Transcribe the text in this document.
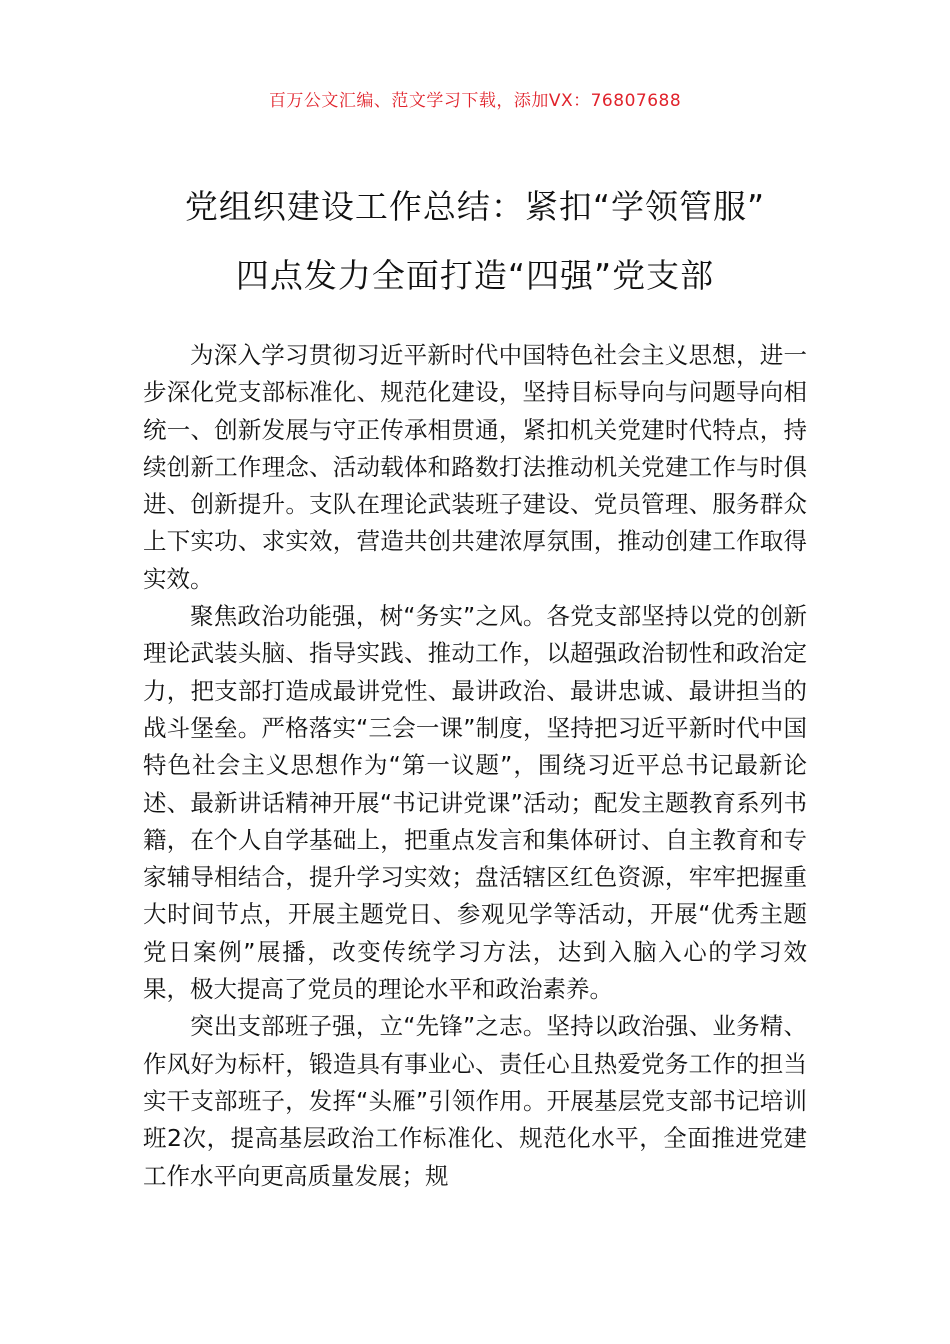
百万公文汇编、范文学习下载，添加VX：76807688
党组织建设工作总结：紧扣“学领管服”
四点发力全面打造“四强”党支部

为深入学习贯彻习近平新时代中国特色社会主义思想，进一步深化党支部标准化、规范化建设，坚持目标导向与问题导向相统一、创新发展与守正传承相贯通，紧扣机关党建时代特点，持续创新工作理念、活动载体和路数打法推动机关党建工作与时俱进、创新提升。支队在理论武装班子建设、党员管理、服务群众上下实功、求实效，营造共创共建浓厚氛围，推动创建工作取得实效。

聚焦政治功能强，树“务实”之风。各党支部坚持以党的创新理论武装头脑、指导实践、推动工作，以超强政治韧性和政治定力，把支部打造成最讲党性、最讲政治、最讲忠诚、最讲担当的战斗堡垒。严格落实“三会一课”制度，坚持把习近平新时代中国特色社会主义思想作为“第一议题”，围绕习近平总书记最新论述、最新讲话精神开展“书记讲党课”活动；配发主题教育系列书籍，在个人自学基础上，把重点发言和集体研讨、自主教育和专家辅导相结合，提升学习实效；盘活辖区红色资源，牢牢把握重大时间节点，开展主题党日、参观见学等活动，开展“优秀主题党日案例”展播，改变传统学习方法，达到入脑入心的学习效果，极大提高了党员的理论水平和政治素养。

突出支部班子强，立“先锋”之志。坚持以政治强、业务精、作风好为标杆，锻造具有事业心、责任心且热爱党务工作的担当实干支部班子，发挥“头雁”引领作用。开展基层党支部书记培训班2次，提高基层政治工作标准化、规范化水平，全面推进党建工作水平向更高质量发展；规
